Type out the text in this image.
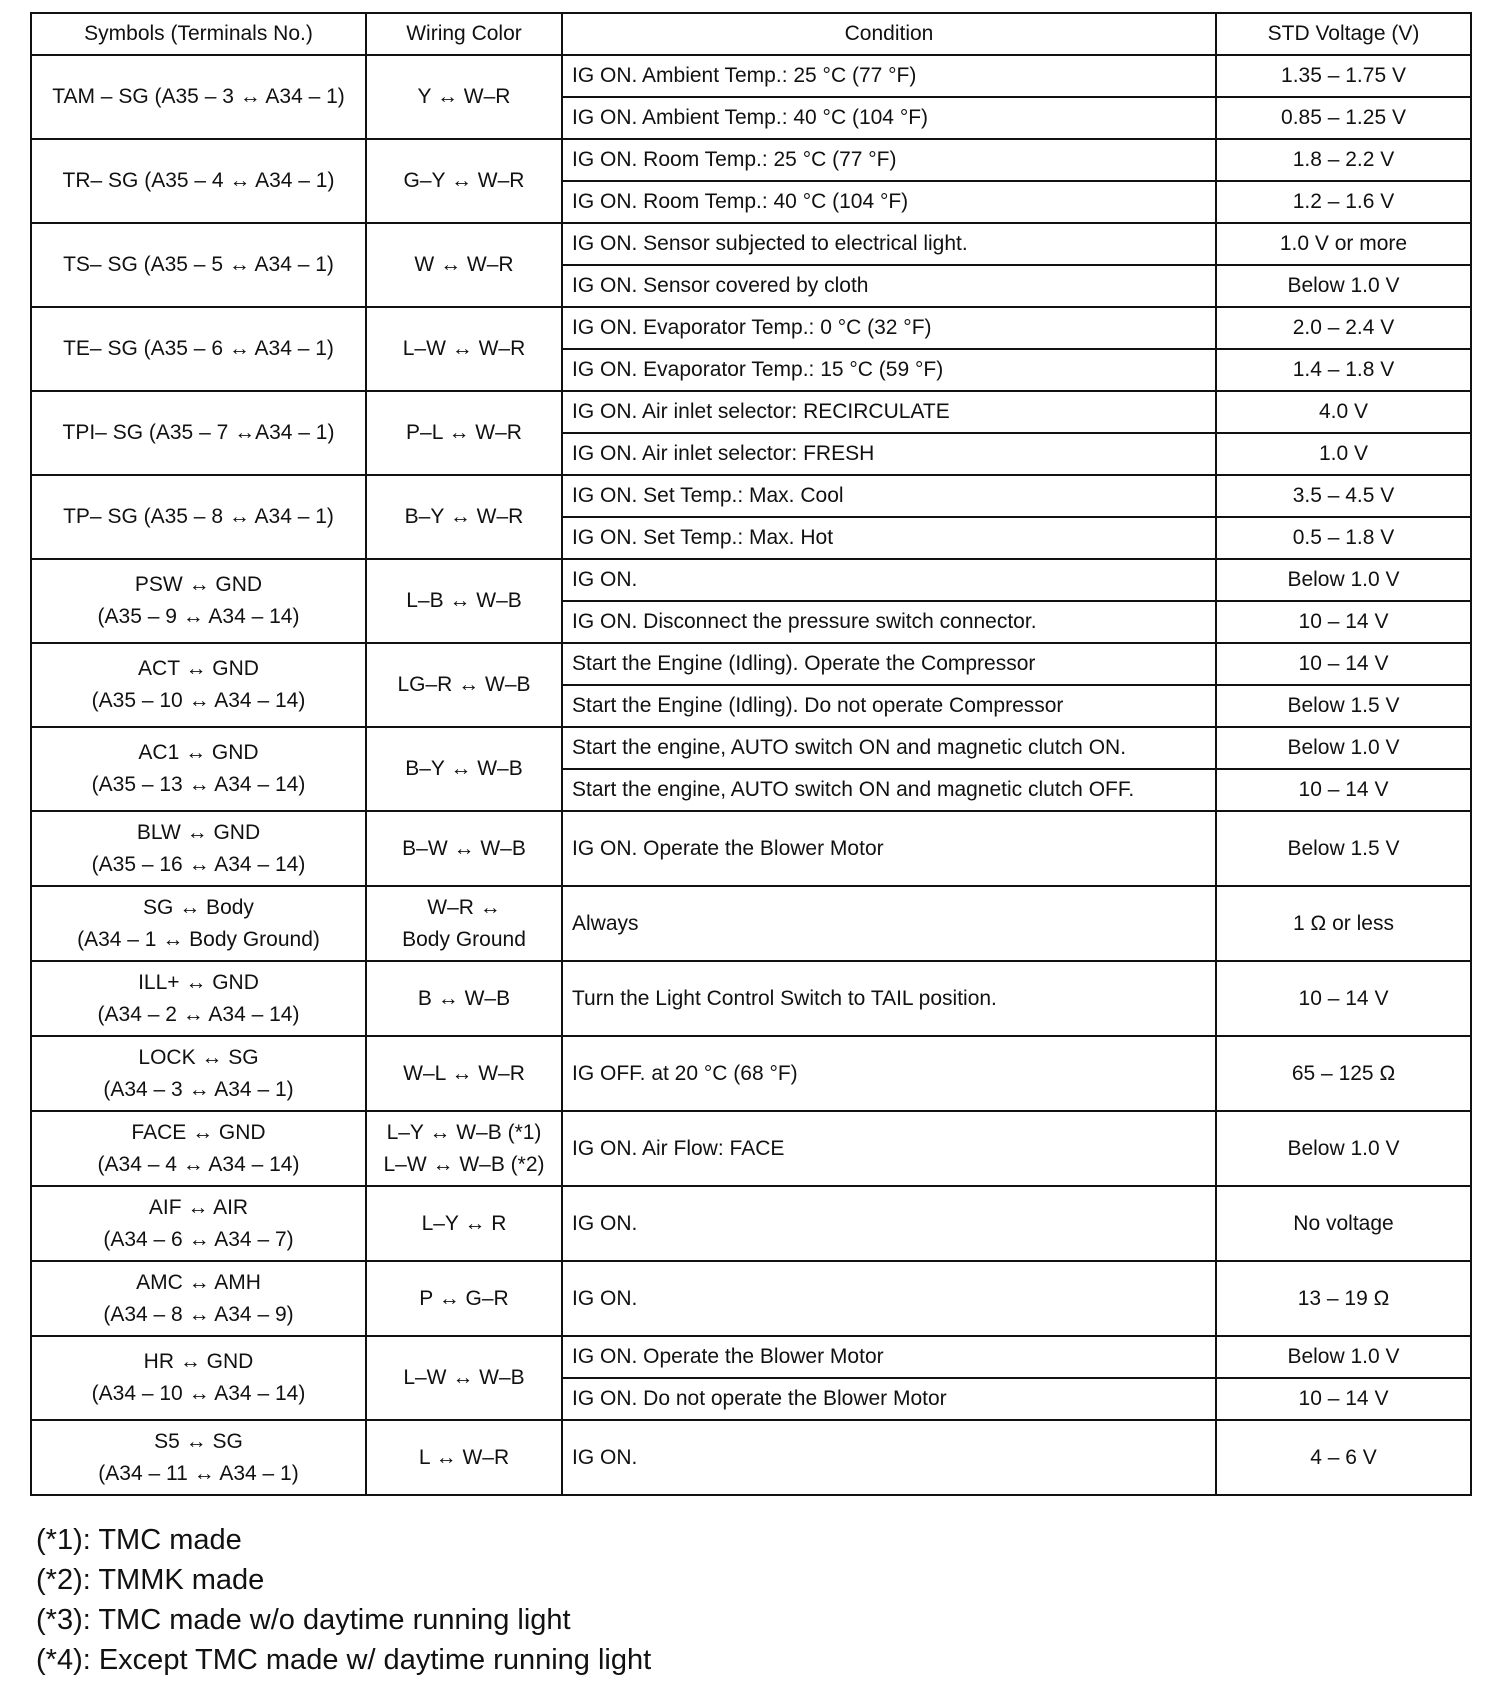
Symbols (Terminals No.)	Wiring Color	Condition	STD Voltage (V)

TAM – SG (A35 – 3 ↔ A34 – 1)	Y ↔ W–R	IG ON. Ambient Temp.: 25 °C (77 °F)	1.35 – 1.75 V
		IG ON. Ambient Temp.: 40 °C (104 °F)	0.85 – 1.25 V

TR– SG (A35 – 4 ↔ A34 – 1)	G–Y ↔ W–R	IG ON. Room Temp.: 25 °C (77 °F)	1.8 – 2.2 V
		IG ON. Room Temp.: 40 °C (104 °F)	1.2 – 1.6 V

TS– SG (A35 – 5 ↔ A34 – 1)	W ↔ W–R	IG ON. Sensor subjected to electrical light.	1.0 V or more
		IG ON. Sensor covered by cloth	Below 1.0 V

TE– SG (A35 – 6 ↔ A34 – 1)	L–W ↔ W–R	IG ON. Evaporator Temp.: 0 °C (32 °F)	2.0 – 2.4 V
		IG ON. Evaporator Temp.: 15 °C (59 °F)	1.4 – 1.8 V

TPI– SG (A35 – 7 ↔A34 – 1)	P–L ↔ W–R	IG ON. Air inlet selector: RECIRCULATE	4.0 V
		IG ON. Air inlet selector: FRESH	1.0 V

TP– SG (A35 – 8 ↔ A34 – 1)	B–Y ↔ W–R	IG ON. Set Temp.: Max. Cool	3.5 – 4.5 V
		IG ON. Set Temp.: Max. Hot	0.5 – 1.8 V

PSW ↔ GND
(A35 – 9 ↔ A34 – 14)	L–B ↔ W–B	IG ON.	Below 1.0 V
		IG ON. Disconnect the pressure switch connector.	10 – 14 V

ACT ↔ GND
(A35 – 10 ↔ A34 – 14)	LG–R ↔ W–B	Start the Engine (Idling). Operate the Compressor	10 – 14 V
		Start the Engine (Idling). Do not operate Compressor	Below 1.5 V

AC1 ↔ GND
(A35 – 13 ↔ A34 – 14)	B–Y ↔ W–B	Start the engine, AUTO switch ON and magnetic clutch ON.	Below 1.0 V
		Start the engine, AUTO switch ON and magnetic clutch OFF.	10 – 14 V

BLW ↔ GND
(A35 – 16 ↔ A34 – 14)	B–W ↔ W–B	IG ON. Operate the Blower Motor	Below 1.5 V

SG ↔ Body
(A34 – 1 ↔ Body Ground)	W–R ↔
Body Ground	Always	1 Ω or less

ILL+ ↔ GND
(A34 – 2 ↔ A34 – 14)	B ↔ W–B	Turn the Light Control Switch to TAIL position.	10 – 14 V

LOCK ↔ SG
(A34 – 3 ↔ A34 – 1)	W–L ↔ W–R	IG OFF. at 20 °C (68 °F)	65 – 125 Ω

FACE ↔ GND
(A34 – 4 ↔ A34 – 14)	L–Y ↔ W–B (*1)
L–W ↔ W–B (*2)	IG ON. Air Flow: FACE	Below 1.0 V

AIF ↔ AIR
(A34 – 6 ↔ A34 – 7)	L–Y ↔ R	IG ON.	No voltage

AMC ↔ AMH
(A34 – 8 ↔ A34 – 9)	P ↔ G–R	IG ON.	13 – 19 Ω

HR ↔ GND
(A34 – 10 ↔ A34 – 14)	L–W ↔ W–B	IG ON. Operate the Blower Motor	Below 1.0 V
		IG ON. Do not operate the Blower Motor	10 – 14 V

S5 ↔ SG
(A34 – 11 ↔ A34 – 1)	L ↔ W–R	IG ON.	4 – 6 V
(*1): TMC made
(*2): TMMK made
(*3): TMC made w/o daytime running light
(*4): Except TMC made w/ daytime running light
